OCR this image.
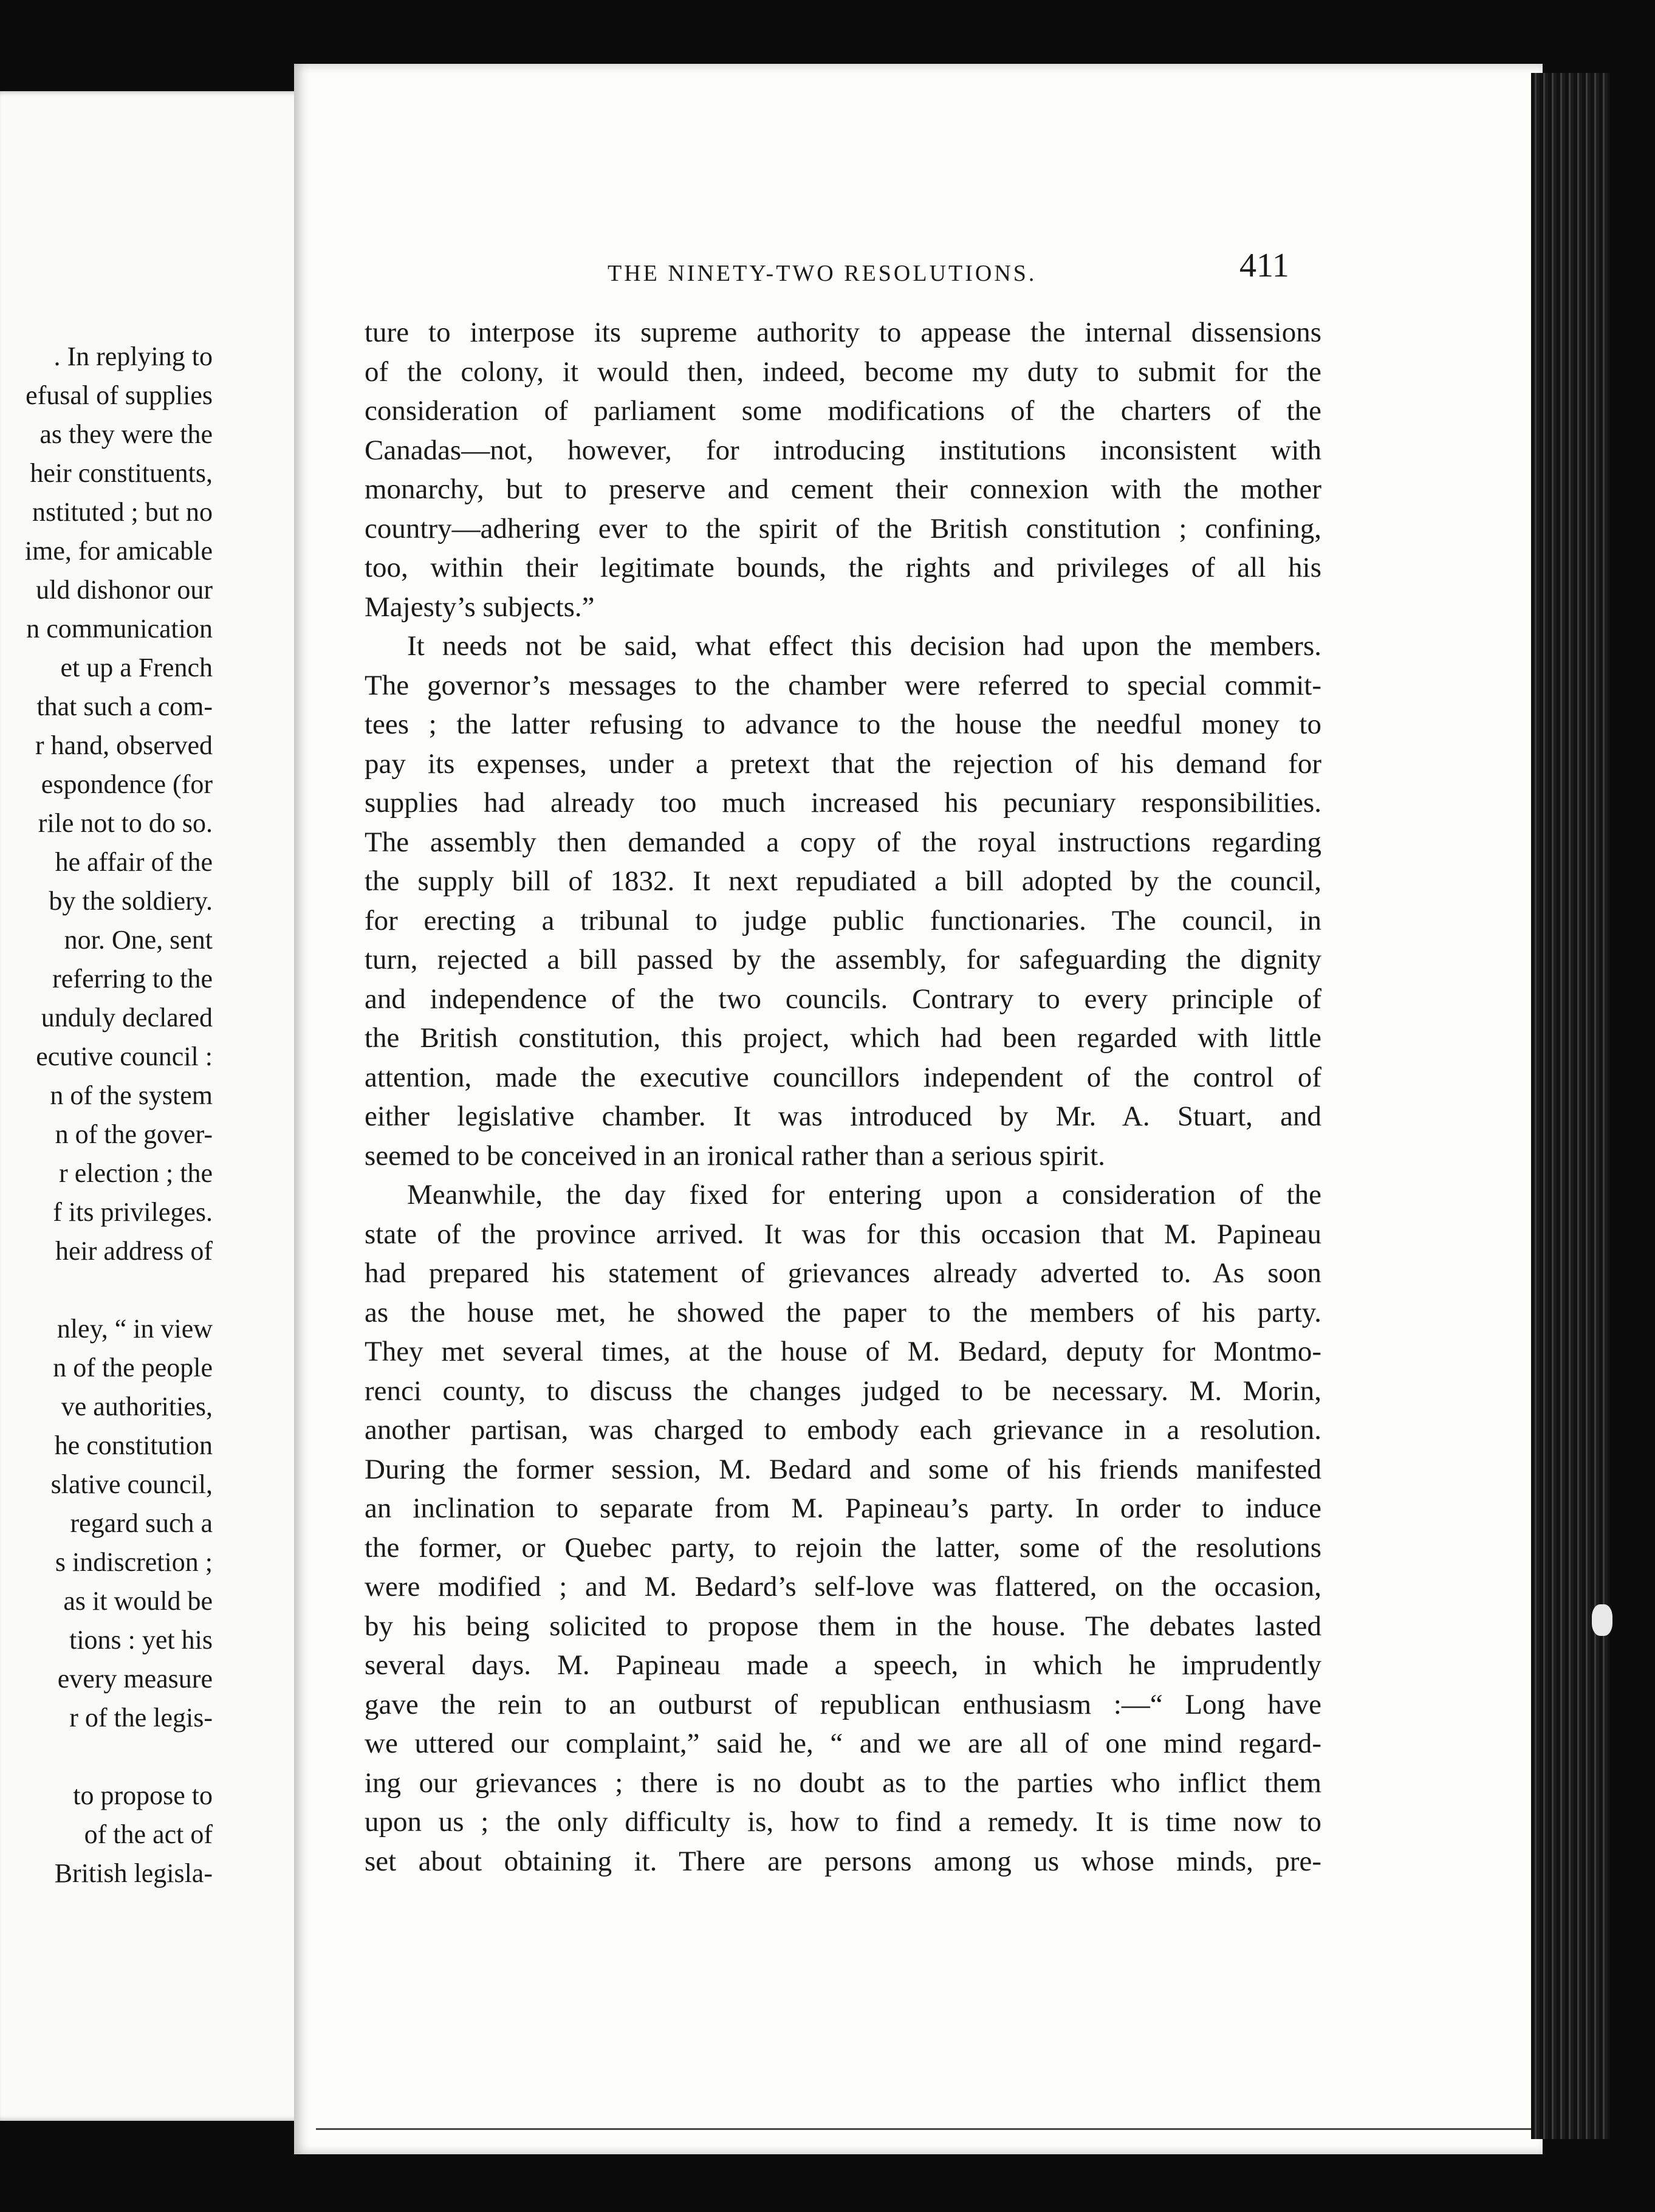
. In replying to
efusal of supplies
as they were the
heir constituents,
nstituted ; but no
ime, for amicable
uld dishonor our
n communication
et up a French
that such a com-
r hand, observed
espondence (for
rile not to do so.
he affair of the
by the soldiery.
nor. One, sent
referring to the
unduly declared
ecutive council :
n of the system
n of the gover-
r election ; the
f its privileges.
heir address of
nley, “ in view
n of the people
ve authorities,
he constitution
slative council,
regard such a
s indiscretion ;
as it would be
tions : yet his
every measure
r of the legis-
to propose to
of the act of
British legisla-
THE NINETY-TWO RESOLUTIONS.	411
ture to interpose its supreme authority to appease the internal dissensions
of the colony, it would then, indeed, become my duty to submit for the
consideration of parliament some modifications of the charters of the
Canadas—not, however, for introducing institutions inconsistent with
monarchy, but to preserve and cement their connexion with the mother
country—adhering ever to the spirit of the British constitution ; confining,
too, within their legitimate bounds, the rights and privileges of all his
Majesty’s subjects.”
It needs not be said, what effect this decision had upon the members.
The governor’s messages to the chamber were referred to special commit-
tees ; the latter refusing to advance to the house the needful money to
pay its expenses, under a pretext that the rejection of his demand for
supplies had already too much increased his pecuniary responsibilities.
The assembly then demanded a copy of the royal instructions regarding
the supply bill of 1832. It next repudiated a bill adopted by the council,
for erecting a tribunal to judge public functionaries. The council, in
turn, rejected a bill passed by the assembly, for safeguarding the dignity
and independence of the two councils. Contrary to every principle of
the British constitution, this project, which had been regarded with little
attention, made the executive councillors independent of the control of
either legislative chamber. It was introduced by Mr. A. Stuart, and
seemed to be conceived in an ironical rather than a serious spirit.
Meanwhile, the day fixed for entering upon a consideration of the
state of the province arrived. It was for this occasion that M. Papineau
had prepared his statement of grievances already adverted to. As soon
as the house met, he showed the paper to the members of his party.
They met several times, at the house of M. Bedard, deputy for Montmo-
renci county, to discuss the changes judged to be necessary. M. Morin,
another partisan, was charged to embody each grievance in a resolution.
During the former session, M. Bedard and some of his friends manifested
an inclination to separate from M. Papineau’s party. In order to induce
the former, or Quebec party, to rejoin the latter, some of the resolutions
were modified ; and M. Bedard’s self-love was flattered, on the occasion,
by his being solicited to propose them in the house. The debates lasted
several days. M. Papineau made a speech, in which he imprudently
gave the rein to an outburst of republican enthusiasm :—“ Long have
we uttered our complaint,” said he, “ and we are all of one mind regard-
ing our grievances ; there is no doubt as to the parties who inflict them
upon us ; the only difficulty is, how to find a remedy. It is time now to
set about obtaining it. There are persons among us whose minds, pre-
